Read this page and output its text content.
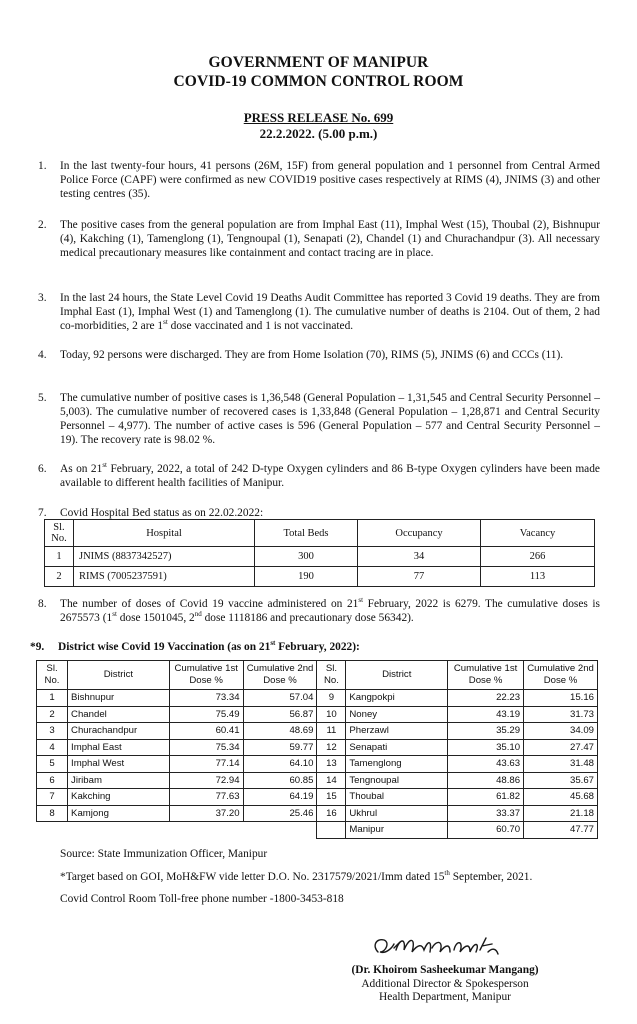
GOVERNMENT OF MANIPUR
COVID-19 COMMON CONTROL ROOM
PRESS RELEASE No. 699
22.2.2022. (5.00 p.m.)
1. In the last twenty-four hours, 41 persons (26M, 15F) from general population and 1 personnel from Central Armed Police Force (CAPF) were confirmed as new COVID19 positive cases respectively at RIMS (4), JNIMS (3) and other testing centres (35).
2. The positive cases from the general population are from Imphal East (11), Imphal West (15), Thoubal (2), Bishnupur (4), Kakching (1), Tamenglong (1), Tengnoupal (1), Senapati (2), Chandel (1) and Churachandpur (3). All necessary medical precautionary measures like containment and contact tracing are in place.
3. In the last 24 hours, the State Level Covid 19 Deaths Audit Committee has reported 3 Covid 19 deaths. They are from Imphal East (1), Imphal West (1) and Tamenglong (1). The cumulative number of deaths is 2104. Out of them, 2 had co-morbidities, 2 are 1st dose vaccinated and 1 is not vaccinated.
4. Today, 92 persons were discharged. They are from Home Isolation (70), RIMS (5), JNIMS (6) and CCCs (11).
5. The cumulative number of positive cases is 1,36,548 (General Population – 1,31,545 and Central Security Personnel – 5,003). The cumulative number of recovered cases is 1,33,848 (General Population – 1,28,871 and Central Security Personnel – 4,977). The number of active cases is 596 (General Population – 577 and Central Security Personnel – 19). The recovery rate is 98.02 %.
6. As on 21st February, 2022, a total of 242 D-type Oxygen cylinders and 86 B-type Oxygen cylinders have been made available to different health facilities of Manipur.
7. Covid Hospital Bed status as on 22.02.2022:
Sl. No.	Hospital	Total Beds	Occupancy	Vacancy
1	JNIMS (8837342527)	300	34	266
2	RIMS (7005237591)	190	77	113
8. The number of doses of Covid 19 vaccine administered on 21st February, 2022 is 6279. The cumulative doses is 2675573 (1st dose 1501045, 2nd dose 1118186 and precautionary dose 56342).
*9. District wise Covid 19 Vaccination (as on 21st February, 2022):
Sl. No.	District	Cumulative 1st Dose %	Cumulative 2nd Dose %	Sl. No.	District	Cumulative 1st Dose %	Cumulative 2nd Dose %
1	Bishnupur	73.34	57.04	9	Kangpokpi	22.23	15.16
2	Chandel	75.49	56.87	10	Noney	43.19	31.73
3	Churachandpur	60.41	48.69	11	Pherzawl	35.29	34.09
4	Imphal East	75.34	59.77	12	Senapati	35.10	27.47
5	Imphal West	77.14	64.10	13	Tamenglong	43.63	31.48
6	Jiribam	72.94	60.85	14	Tengnoupal	48.86	35.67
7	Kakching	77.63	64.19	15	Thoubal	61.82	45.68
8	Kamjong	37.20	25.46	16	Ukhrul	33.37	21.18
					Manipur	60.70	47.77
Source: State Immunization Officer, Manipur
*Target based on GOI, MoH&FW vide letter D.O. No. 2317579/2021/Imm dated 15th September, 2021.
Covid Control Room Toll-free phone number -1800-3453-818
(Dr. Khoirom Sasheekumar Mangang)
Additional Director & Spokesperson
Health Department, Manipur
